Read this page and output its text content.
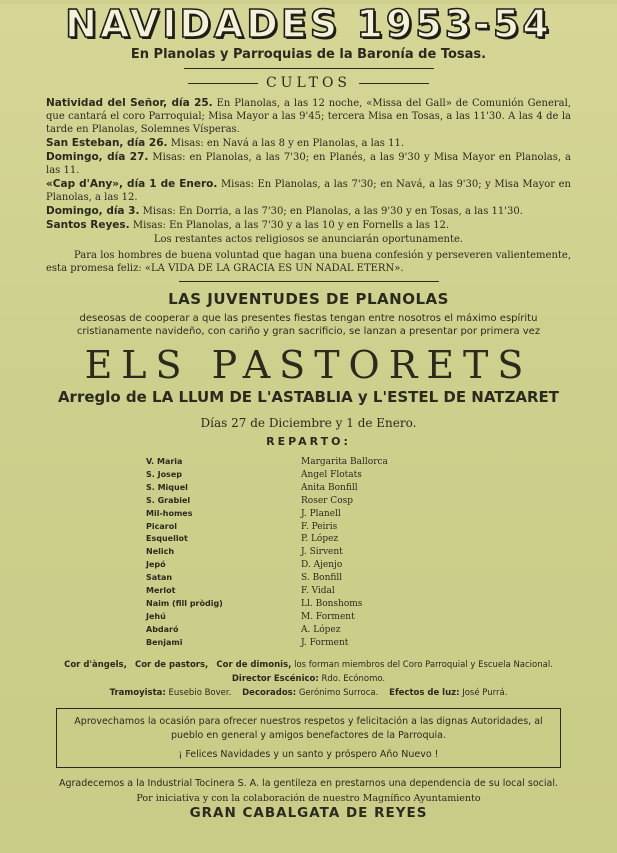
NAVIDADES 1953-54
En Planolas y Parroquias de la Baronía de Tosas.
CULTOS

Natividad del Señor, día 25. En Planolas, a las 12 noche, «Missa del Gall» de Comunión General, que cantará el coro Parroquial; Misa Mayor a las 9'45; tercera Misa en Tosas, a las 11'30. A las 4 de la tarde en Planolas, Solemnes Vísperas.

San Esteban, día 26. Misas: en Navá a las 8 y en Planolas, a las 11.

Domingo, día 27. Misas: en Planolas, a las 7'30; en Planés, a las 9'30 y Misa Mayor en Planolas, a las 11.

«Cap d'Any», día 1 de Enero. Misas: En Planolas, a las 7'30; en Navá, a las 9'30; y Misa Mayor en Planolas, a las 12.

Domingo, día 3. Misas: En Dorria, a las 7'30; en Planolas, a las 9'30 y en Tosas, a las 11'30.

Santos Reyes. Misas: En Planolas, a las 7'30 y a las 10 y en Fornells a las 12.

Los restantes actos religiosos se anunciarán oportunamente.

Para los hombres de buena voluntad que hagan una buena confesión y perseveren valientemente, esta promesa feliz: «LA VIDA DE LA GRACIA ES UN NADAL ETERN».

LAS JUVENTUDES DE PLANOLAS
deseosas de cooperar a que las presentes fiestas tengan entre nosotros el máximo espíritu cristianamente navideño, con cariño y gran sacrificio, se lanzan a presentar por primera vez
ELS PASTORETS
Arreglo de LA LLUM DE L'ASTABLIA y L'ESTEL DE NATZARET
Días 27 de Diciembre y 1 de Enero.
REPARTO:
V. Maria
S. Josep
S. Miquel
S. Grabiel
Mil-homes
Picarol
Esquellot
Nelich
Jepó
Satan
Merlot
Naim (fill pròdig)
Jehú
Abdaró
Benjami
Margarita Ballorca
Angel Flotats
Anita Bonfill
Roser Cosp
J. Planell
F. Peiris
P. López
J. Sirvent
D. Ajenjo
S. Bonfill
F. Vidal
Ll. Bonshoms
M. Forment
A. López
J. Forment
Cor d'àngels, Cor de pastors, Cor de dimonis, los forman miembros del Coro Parroquial y Escuela Nacional.
Director Escénico: Rdo. Ecónomo.
Tramoyista: Eusebio Bover. Decorados: Gerónimo Surroca. Efectos de luz: José Purrá.
Aprovechamos la ocasión para ofrecer nuestros respetos y felicitación a las dignas Autoridades, al pueblo en general y amigos benefactores de la Parroquia.
¡ Felices Navidades y un santo y próspero Año Nuevo !
Agradecemos a la Industrial Tocinera S. A. la gentileza en prestarnos una dependencia de su local social.
Por iniciativa y con la colaboración de nuestro Magnífico Ayuntamiento
GRAN CABALGATA DE REYES
